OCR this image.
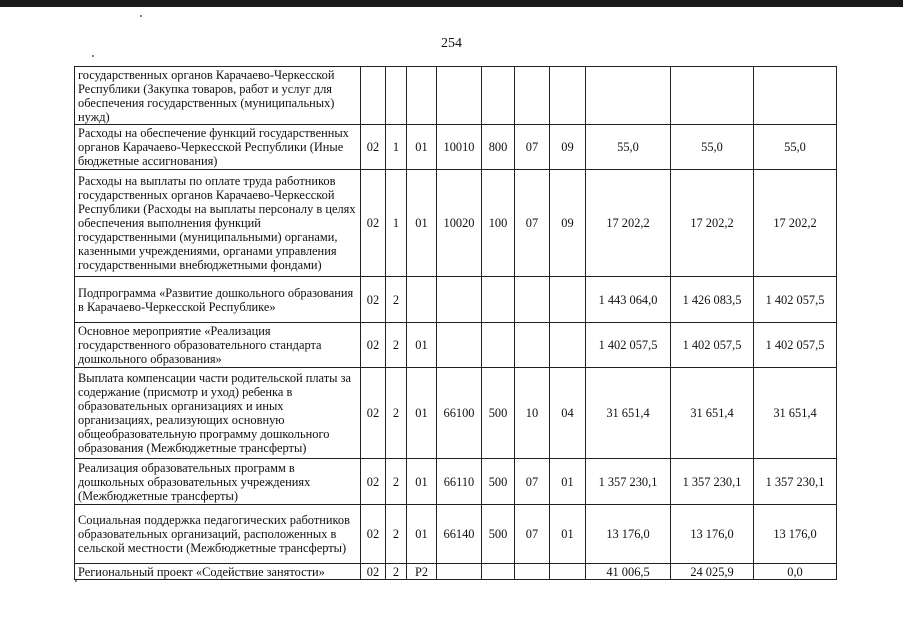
254
государственных органов Карачаево-Черкесской Республики (Закупка товаров, работ и услуг для обеспечения государственных (муниципальных) нужд)										
Расходы на обеспечение функций государственных органов Карачаево-Черкесской Республики (Иные бюджетные ассигнования)	02	1	01	10010	800	07	09	55,0	55,0	55,0
Расходы на выплаты по оплате труда работников государственных органов Карачаево-Черкесской Республики (Расходы на выплаты персоналу в целях обеспечения выполнения функций государственными (муниципальными) органами, казенными учреждениями, органами управления государственными внебюджетными фондами)	02	1	01	10020	100	07	09	17 202,2	17 202,2	17 202,2
Подпрограмма «Развитие дошкольного образования в Карачаево-Черкесской Республике»	02	2						1 443 064,0	1 426 083,5	1 402 057,5
Основное мероприятие «Реализация государственного образовательного стандарта дошкольного образования»	02	2	01					1 402 057,5	1 402 057,5	1 402 057,5
Выплата компенсации части родительской платы за содержание (присмотр и уход) ребенка в образовательных организациях и иных организациях, реализующих основную общеобразовательную программу дошкольного образования (Межбюджетные трансферты)	02	2	01	66100	500	10	04	31 651,4	31 651,4	31 651,4
Реализация образовательных программ в дошкольных образовательных учреждениях (Межбюджетные трансферты)	02	2	01	66110	500	07	01	1 357 230,1	1 357 230,1	1 357 230,1
Социальная поддержка педагогических работников образовательных организаций, расположенных в сельской местности (Межбюджетные трансферты)	02	2	01	66140	500	07	01	13 176,0	13 176,0	13 176,0
Региональный проект «Содействие занятости»	02	2	P2					41 006,5	24 025,9	0,0
